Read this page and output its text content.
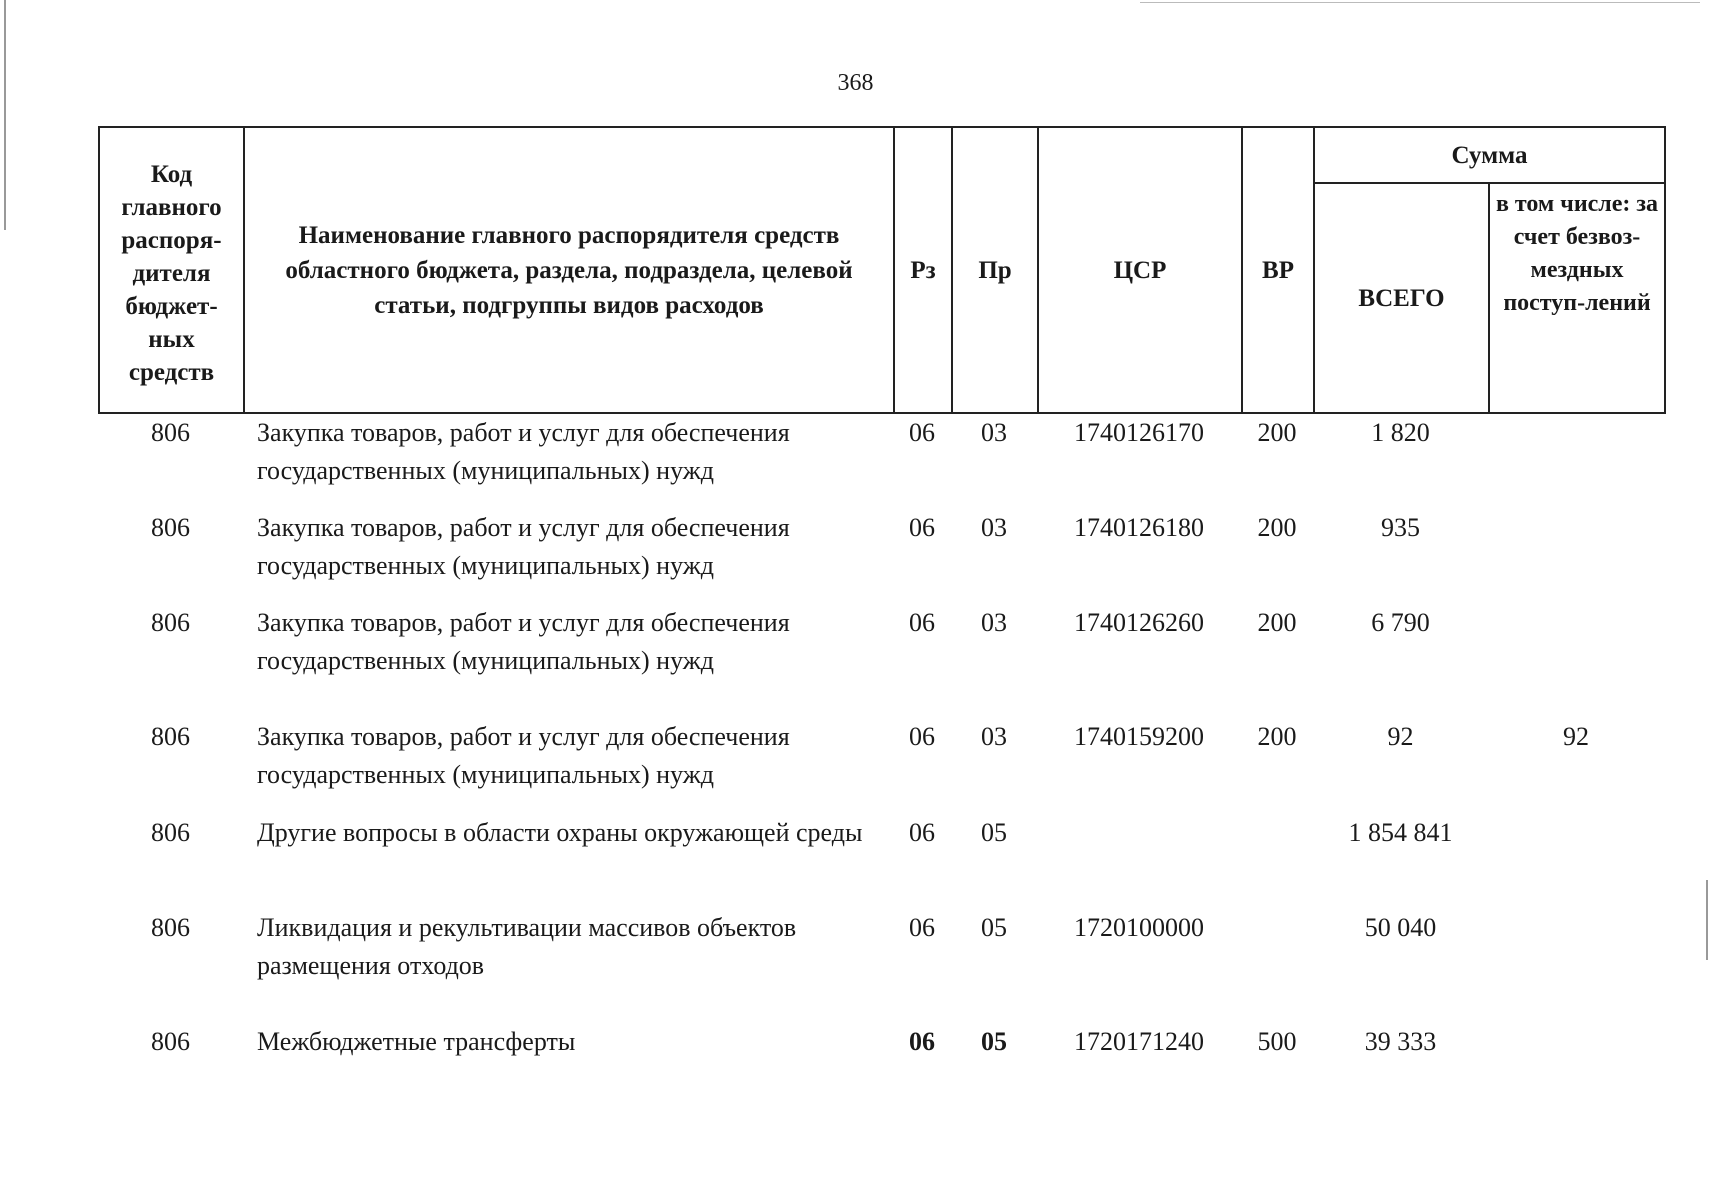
368
Код главного распоря-дителя бюджет-ных средств	Наименование главного распорядителя средств областного бюджета, раздела, подраздела, целевой статьи, подгруппы видов расходов	Рз	Пр	ЦСР	ВР	Сумма	
						ВСЕГО	в том числе: за счет безвоз-мездных поступ-лений
806	Закупка товаров, работ и услуг для обеспечения государственных (муниципальных) нужд	06	03	1740126170	200	1 820	
806	Закупка товаров, работ и услуг для обеспечения государственных (муниципальных) нужд	06	03	1740126180	200	935	
806	Закупка товаров, работ и услуг для обеспечения государственных (муниципальных) нужд	06	03	1740126260	200	6 790	
806	Закупка товаров, работ и услуг для обеспечения государственных (муниципальных) нужд	06	03	1740159200	200	92	92
806	Другие вопросы в области охраны окружающей среды	06	05			1 854 841	
806	Ликвидация и рекультивации массивов объектов размещения отходов	06	05	1720100000		50 040	
806	Межбюджетные трансферты	06	05	1720171240	500	39 333	
